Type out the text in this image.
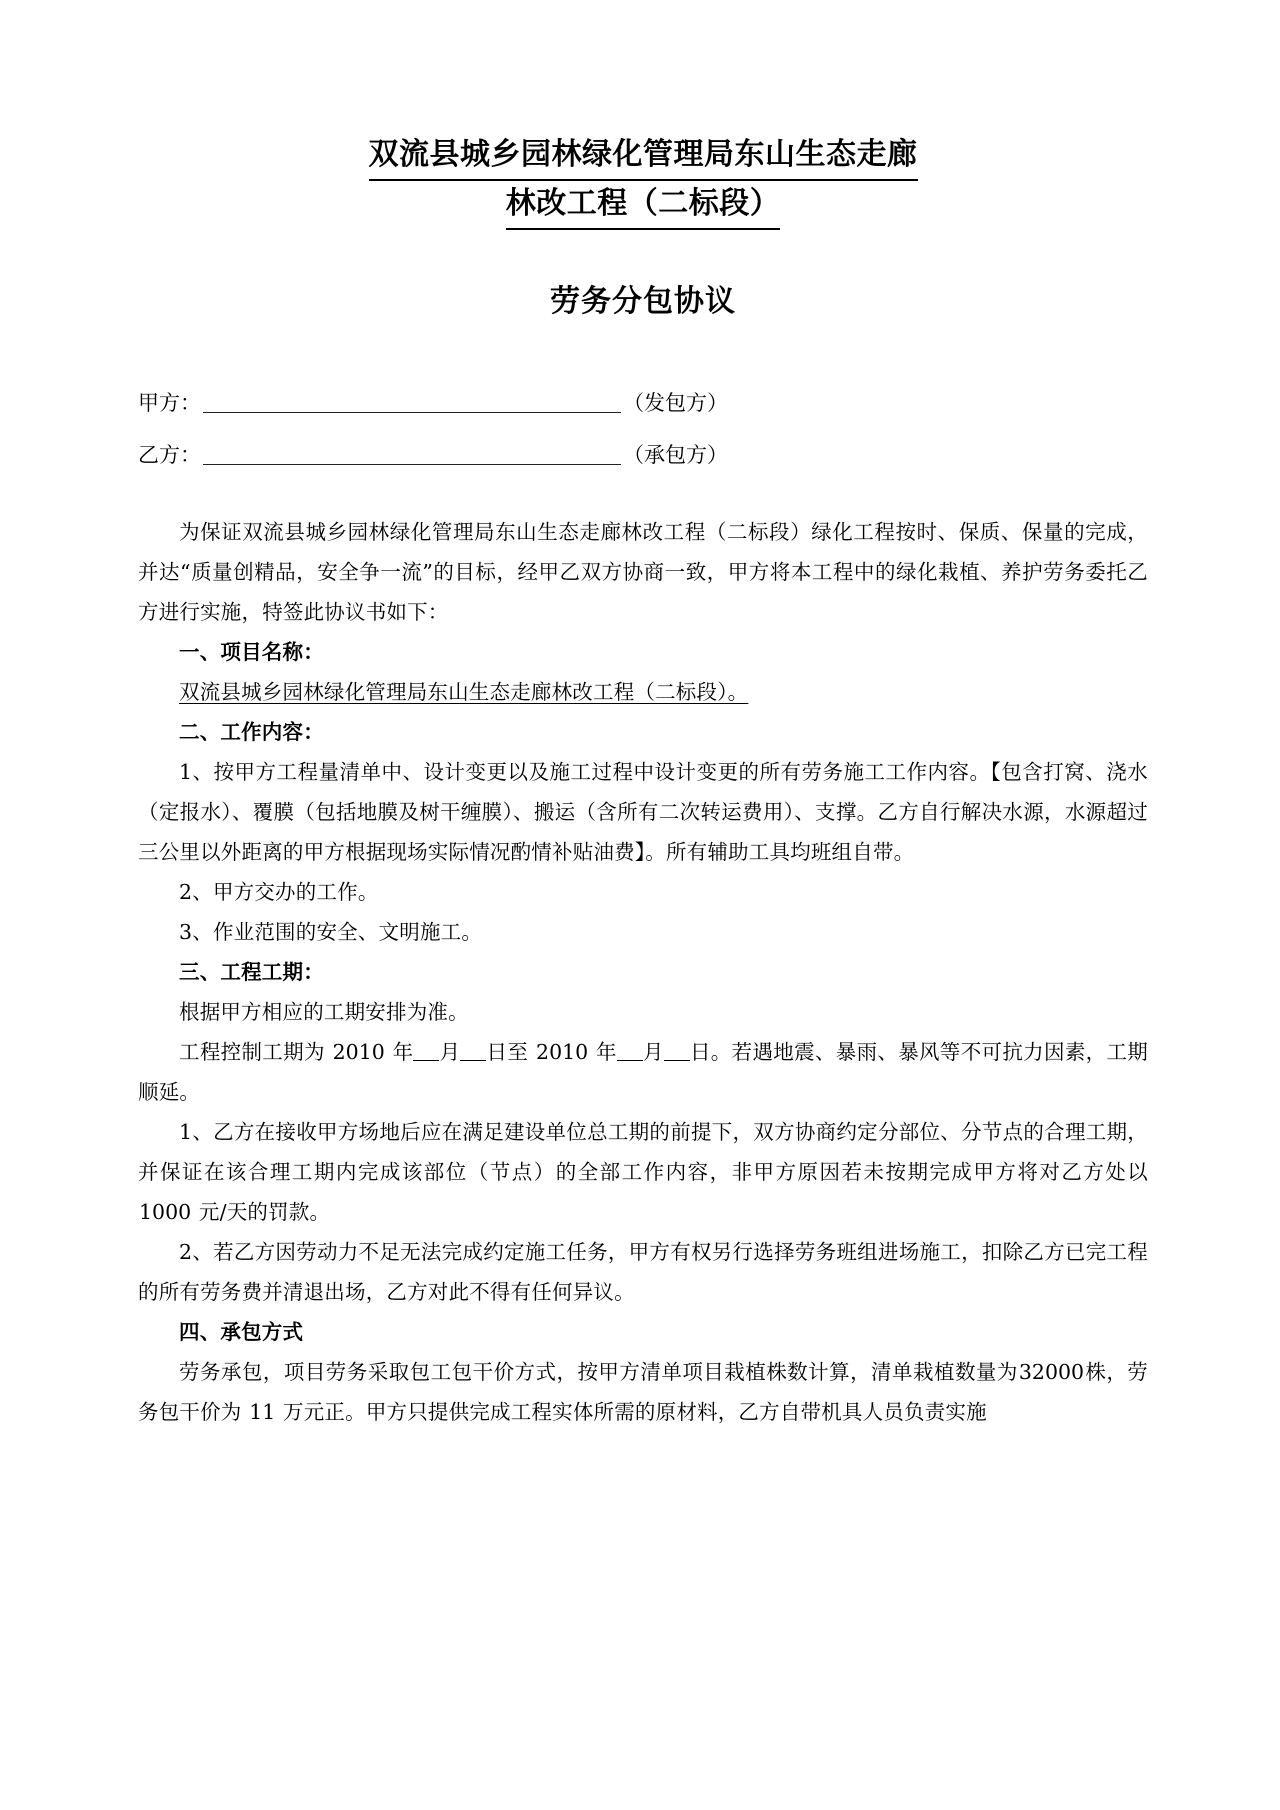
双流县城乡园林绿化管理局东山生态走廊
林改工程（二标段）
劳务分包协议

甲方：	（发包方）

乙方：	（承包方）

为保证双流县城乡园林绿化管理局东山生态走廊林改工程（二标段）绿化工程按时、保质、保量的完成，并达“质量创精品，安全争一流”的目标，经甲乙双方协商一致，甲方将本工程中的绿化栽植、养护劳务委托乙方进行实施，特签此协议书如下：

一、项目名称：

双流县城乡园林绿化管理局东山生态走廊林改工程（二标段）。

二、工作内容：

1、按甲方工程量清单中、设计变更以及施工过程中设计变更的所有劳务施工工作内容。【包含打窝、浇水（定报水）、覆膜（包括地膜及树干缠膜）、搬运（含所有二次转运费用）、支撑。乙方自行解决水源，水源超过三公里以外距离的甲方根据现场实际情况酌情补贴油费】。所有辅助工具均班组自带。

2、甲方交办的工作。

3、作业范围的安全、文明施工。

三、工程工期：

根据甲方相应的工期安排为准。

工程控制工期为 2010 年 月 日至 2010 年 月 日。若遇地震、暴雨、暴风等不可抗力因素，工期顺延。

1、乙方在接收甲方场地后应在满足建设单位总工期的前提下，双方协商约定分部位、分节点的合理工期，并保证在该合理工期内完成该部位（节点）的全部工作内容，非甲方原因若未按期完成甲方将对乙方处以 1000 元/天的罚款。

2、若乙方因劳动力不足无法完成约定施工任务，甲方有权另行选择劳务班组进场施工，扣除乙方已完工程的所有劳务费并清退出场，乙方对此不得有任何异议。

四、承包方式

劳务承包，项目劳务采取包工包干价方式，按甲方清单项目栽植株数计算，清单栽植数量为32000株，劳务包干价为 11 万元正。甲方只提供完成工程实体所需的原材料，乙方自带机具人员负责实施
